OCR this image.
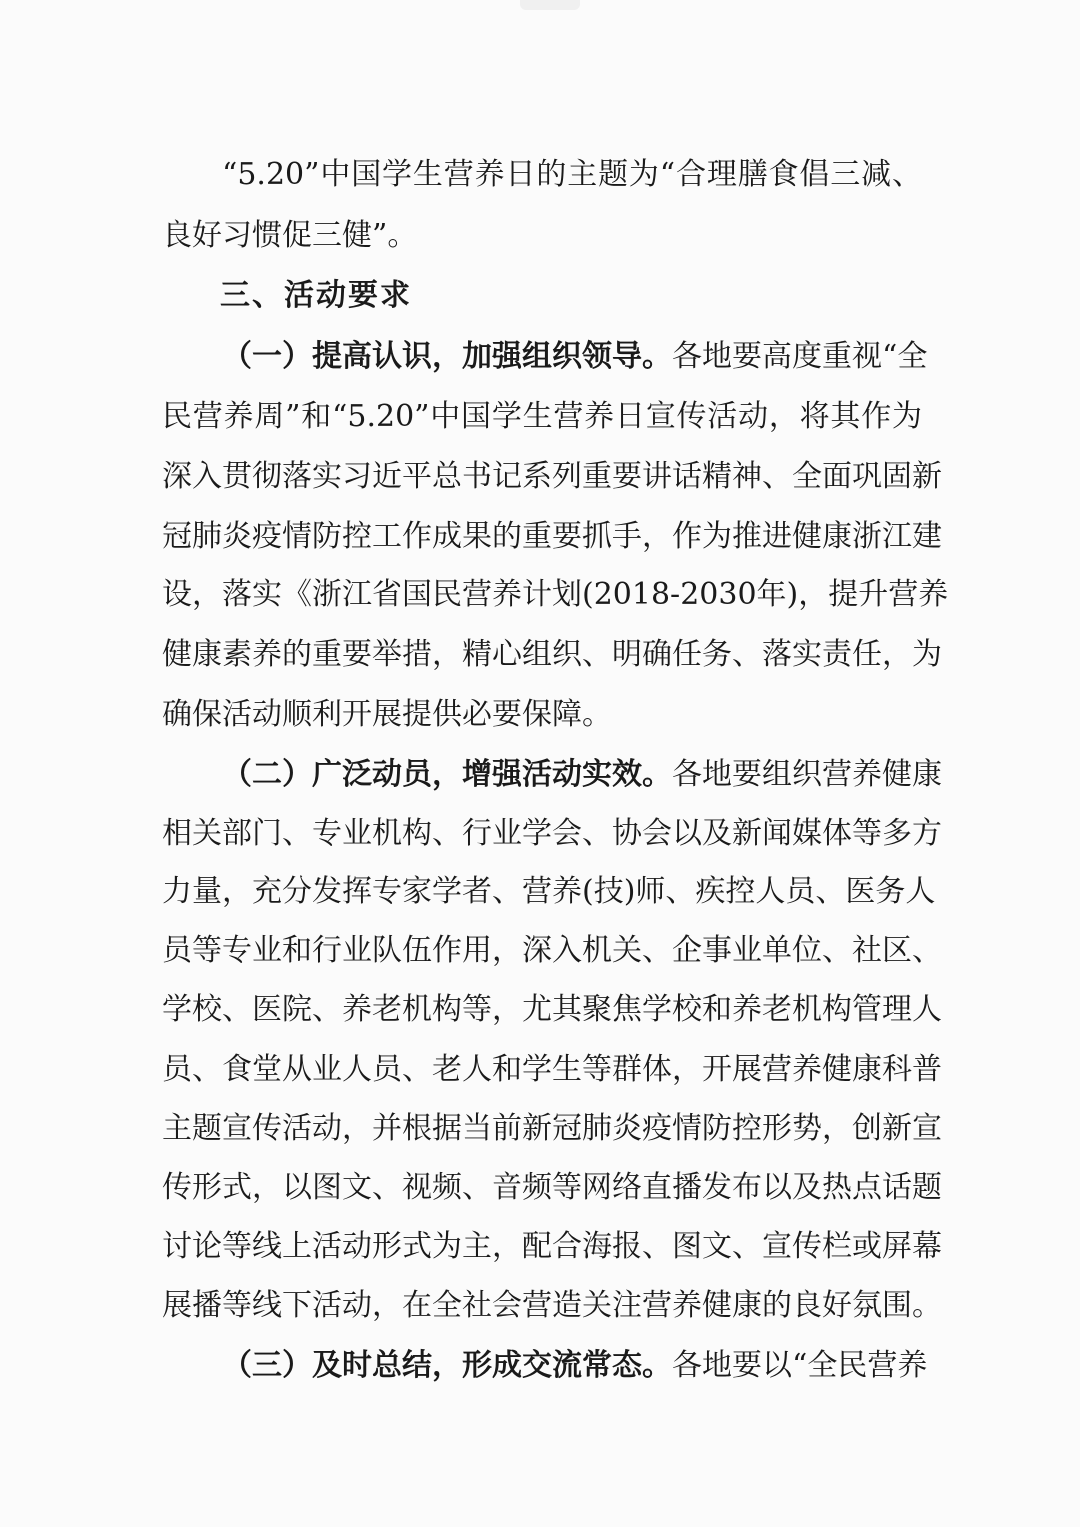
“5.20”中国学生营养日的主题为“合理膳食倡三减、
良好习惯促三健”。
三、活动要求
（一）提高认识，加强组织领导。各地要高度重视“全
民营养周”和“5.20”中国学生营养日宣传活动，将其作为
深入贯彻落实习近平总书记系列重要讲话精神、全面巩固新
冠肺炎疫情防控工作成果的重要抓手，作为推进健康浙江建
设，落实《浙江省国民营养计划(2018-2030年)，提升营养
健康素养的重要举措，精心组织、明确任务、落实责任，为
确保活动顺利开展提供必要保障。
（二）广泛动员，增强活动实效。各地要组织营养健康
相关部门、专业机构、行业学会、协会以及新闻媒体等多方
力量，充分发挥专家学者、营养(技)师、疾控人员、医务人
员等专业和行业队伍作用，深入机关、企事业单位、社区、
学校、医院、养老机构等，尤其聚焦学校和养老机构管理人
员、食堂从业人员、老人和学生等群体，开展营养健康科普
主题宣传活动，并根据当前新冠肺炎疫情防控形势，创新宣
传形式，以图文、视频、音频等网络直播发布以及热点话题
讨论等线上活动形式为主，配合海报、图文、宣传栏或屏幕
展播等线下活动，在全社会营造关注营养健康的良好氛围。
（三）及时总结，形成交流常态。各地要以“全民营养
